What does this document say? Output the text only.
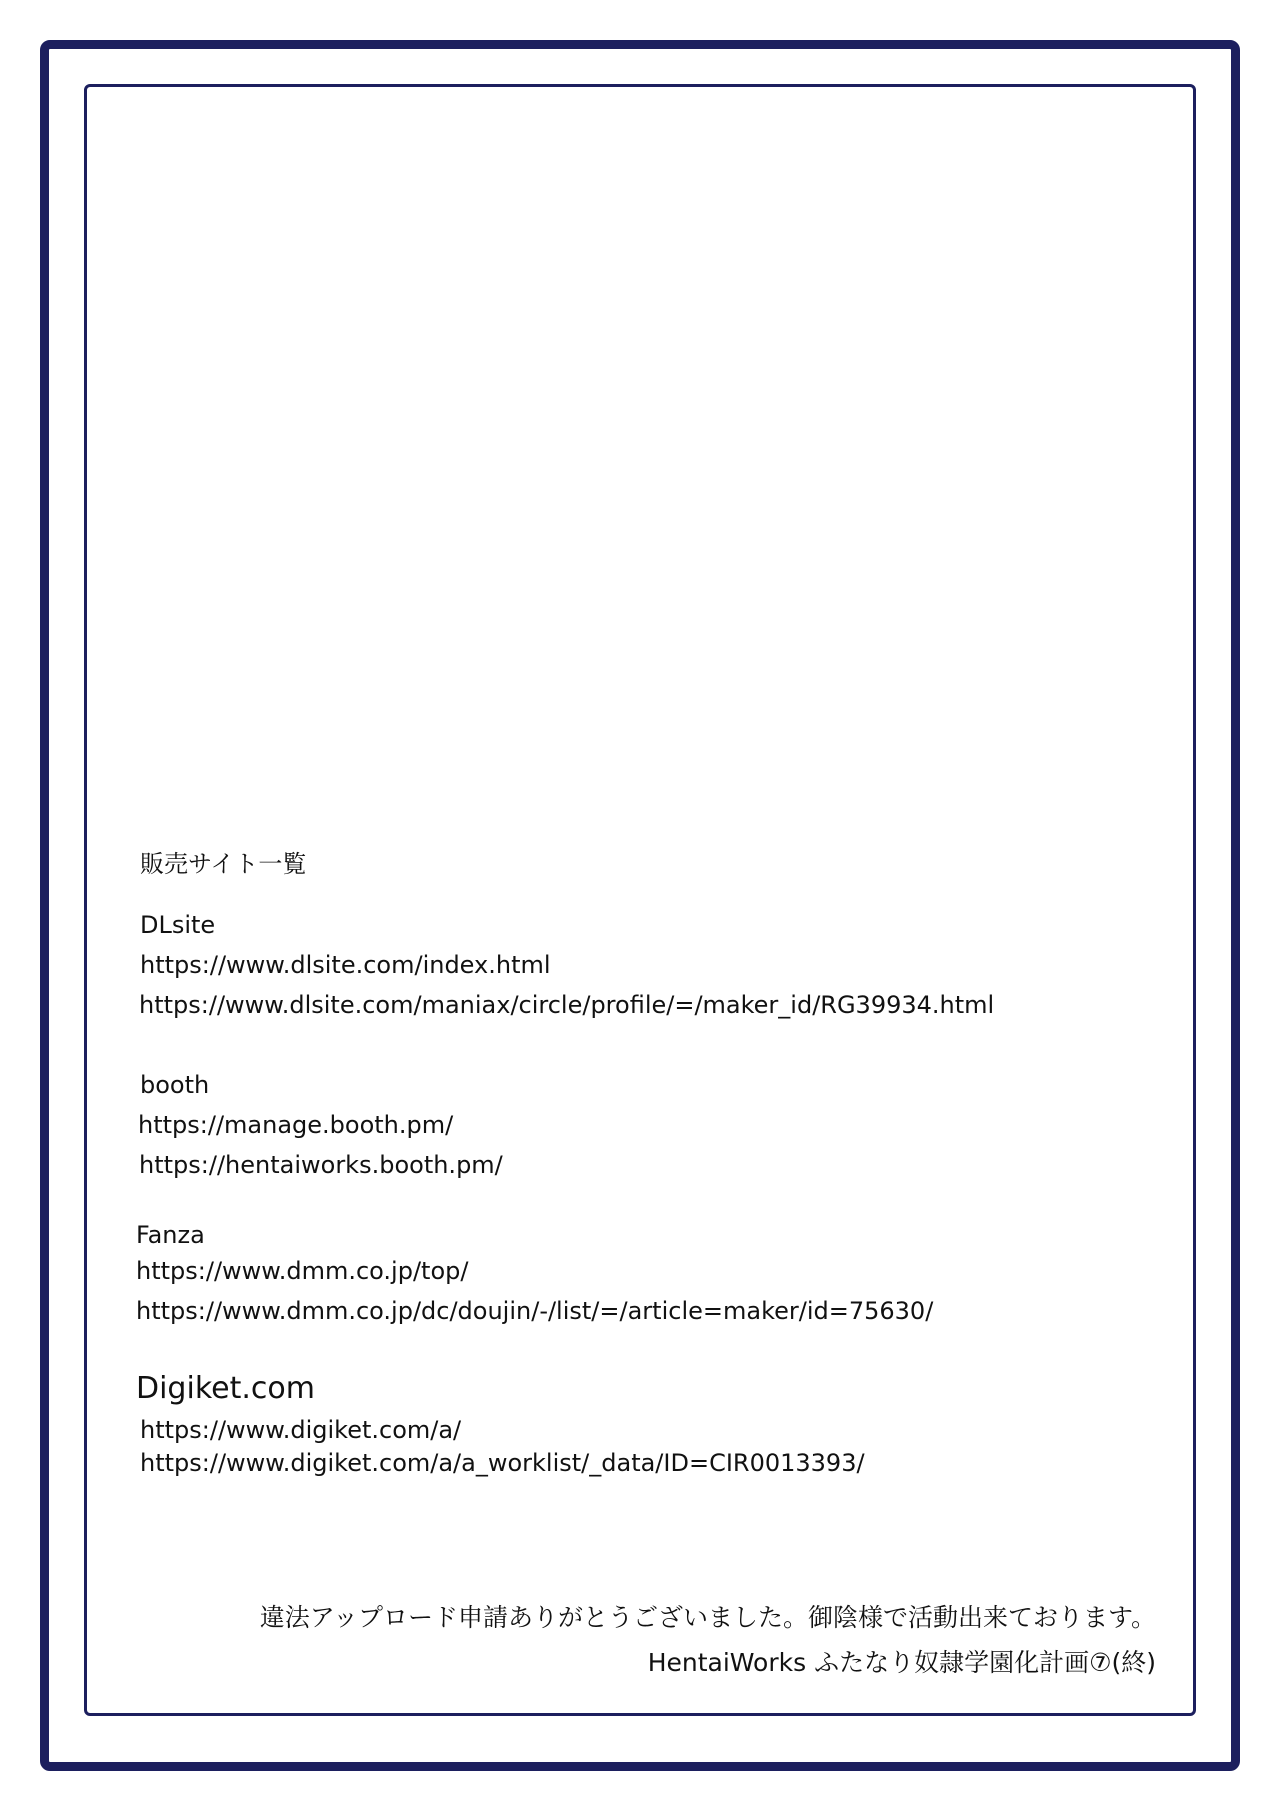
販売サイト一覧
DLsite
https://www.dlsite.com/index.html
https://www.dlsite.com/maniax/circle/profile/=/maker_id/RG39934.html
booth
https://manage.booth.pm/
https://hentaiworks.booth.pm/
Fanza
https://www.dmm.co.jp/top/
https://www.dmm.co.jp/dc/doujin/-/list/=/article=maker/id=75630/
Digiket.com
https://www.digiket.com/a/
https://www.digiket.com/a/a_worklist/_data/ID=CIR0013393/
違法アップロード申請ありがとうございました。御陰様で活動出来ております。
HentaiWorks ふたなり奴隷学園化計画⑦(終)
